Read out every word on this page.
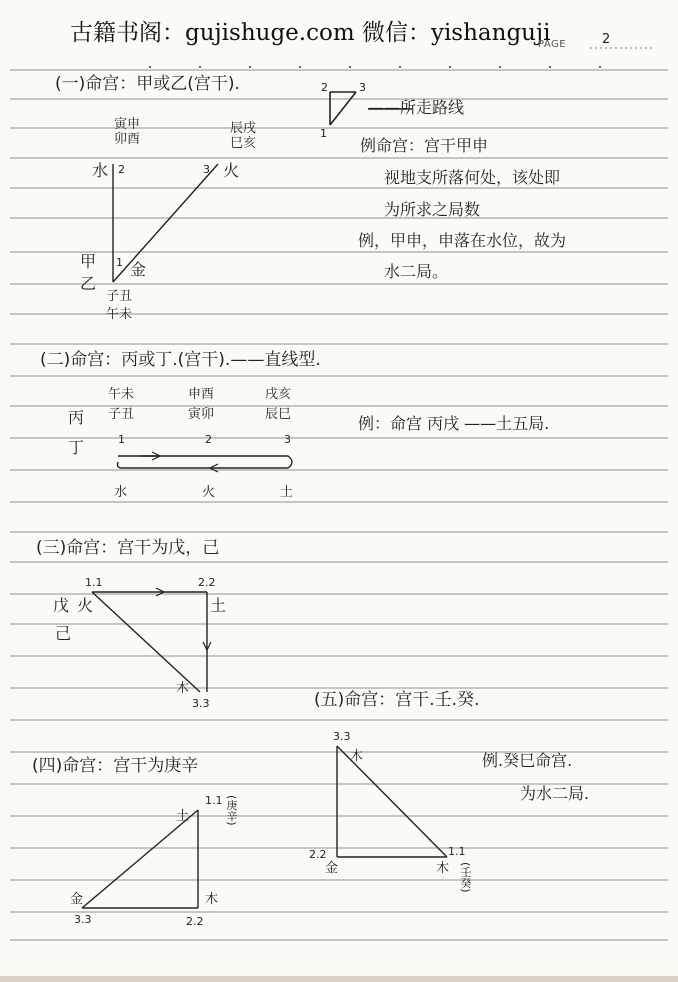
古籍书阁：gujishuge.com 微信：yishanguji
PAGE	2
(一)命宫：甲或乙(宫干).	2	3
1
——所走路线
寅申
卯酉
辰戌
巳亥
水 2	3 火
甲
乙
1 金
子丑
午未
例命宫：宫干甲申
视地支所落何处，该处即
为所求之局数
例，甲申，申落在水位，故为
水二局。
(二)命宫：丙或丁.(宫干).——直线型.
午未	申酉	戌亥
子丑	寅卯	辰巳
丙
丁	1	2	3
水	火	土
例：命宫 丙戌 ——土五局.
(三)命宫：宫干为戊，己
1.1	2.2
戊
己
火	土
木
3.3	(五)命宫：宫干.壬.癸.
3.3
木
2.2	1.1
金	木 (壬癸)
例.癸巳命宫.
为水二局.
(四)命宫：宫干为庚辛
1.1 (庚辛)
土
金	木
3.3	2.2
